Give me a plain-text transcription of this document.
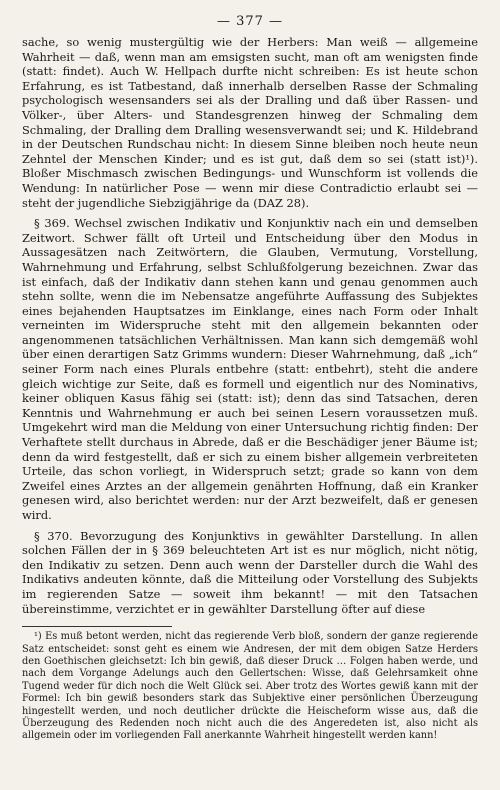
— 377 —

sache, so wenig mustergültig wie der Herbers: Man weiß — allgemeine Wahrheit — daß, wenn man am emsigsten sucht, man oft am wenigsten finde (statt: findet). Auch W. Hellpach durfte nicht schreiben: Es ist heute schon Erfahrung, es ist Tatbestand, daß innerhalb derselben Rasse der Schmaling psychologisch wesensanders sei als der Dralling und daß über Rassen- und Völker-, über Alters- und Standesgrenzen hinweg der Schmaling dem Schmaling, der Dralling dem Dralling wesensverwandt sei; und K. Hildebrand in der Deutschen Rundschau nicht: In diesem Sinne bleiben noch heute neun Zehntel der Menschen Kinder; und es ist gut, daß dem so sei (statt ist)¹). Bloßer Mischmasch zwischen Bedingungs- und Wunschform ist vollends die Wendung: In natürlicher Pose — wenn mir diese Contradictio erlaubt sei — steht der jugendliche Siebzigjährige da (DAZ 28).

§ 369. Wechsel zwischen Indikativ und Konjunktiv nach ein und demselben Zeitwort. Schwer fällt oft Urteil und Entscheidung über den Modus in Aussagesätzen nach Zeitwörtern, die Glauben, Vermutung, Vorstellung, Wahrnehmung und Erfahrung, selbst Schlußfolgerung bezeichnen. Zwar das ist einfach, daß der Indikativ dann stehen kann und genau genommen auch stehn sollte, wenn die im Nebensatze angeführte Auffassung des Subjektes eines bejahenden Hauptsatzes im Einklange, eines nach Form oder Inhalt verneinten im Widerspruche steht mit den allgemein bekannten oder angenommenen tatsächlichen Verhältnissen. Man kann sich demgemäß wohl über einen derartigen Satz Grimms wundern: Dieser Wahrnehmung, daß „ich“ seiner Form nach eines Plurals entbehre (statt: entbehrt), steht die andere gleich wichtige zur Seite, daß es formell und eigentlich nur des Nominativs, keiner obliquen Kasus fähig sei (statt: ist); denn das sind Tatsachen, deren Kenntnis und Wahrnehmung er auch bei seinen Lesern voraussetzen muß. Umgekehrt wird man die Meldung von einer Untersuchung richtig finden: Der Verhaftete stellt durchaus in Abrede, daß er die Beschädiger jener Bäume ist; denn da wird festgestellt, daß er sich zu einem bisher allgemein verbreiteten Urteile, das schon vorliegt, in Widerspruch setzt; grade so kann von dem Zweifel eines Arztes an der allgemein genährten Hoffnung, daß ein Kranker genesen wird, also berichtet werden: nur der Arzt bezweifelt, daß er genesen wird.

§ 370. Bevorzugung des Konjunktivs in gewählter Darstellung. In allen solchen Fällen der in § 369 beleuchteten Art ist es nur möglich, nicht nötig, den Indikativ zu setzen. Denn auch wenn der Darsteller durch die Wahl des Indikativs andeuten könnte, daß die Mitteilung oder Vorstellung des Subjekts im regierenden Satze — soweit ihm bekannt! — mit den Tatsachen übereinstimme, verzichtet er in gewählter Darstellung öfter auf diese

¹) Es muß betont werden, nicht das regierende Verb bloß, sondern der ganze regierende Satz entscheidet: sonst geht es einem wie Andresen, der mit dem obigen Satze Herders den Goethischen gleichsetzt: Ich bin gewiß, daß dieser Druck … Folgen haben werde, und nach dem Vorgange Adelungs auch den Gellertschen: Wisse, daß Gelehrsamkeit ohne Tugend weder für dich noch die Welt Glück sei. Aber trotz des Wortes gewiß kann mit der Formel: Ich bin gewiß besonders stark das Subjektive einer persönlichen Überzeugung hingestellt werden, und noch deutlicher drückte die Heischeform wisse aus, daß die Überzeugung des Redenden noch nicht auch die des Angeredeten ist, also nicht als allgemein oder im vorliegenden Fall anerkannte Wahrheit hingestellt werden kann!
